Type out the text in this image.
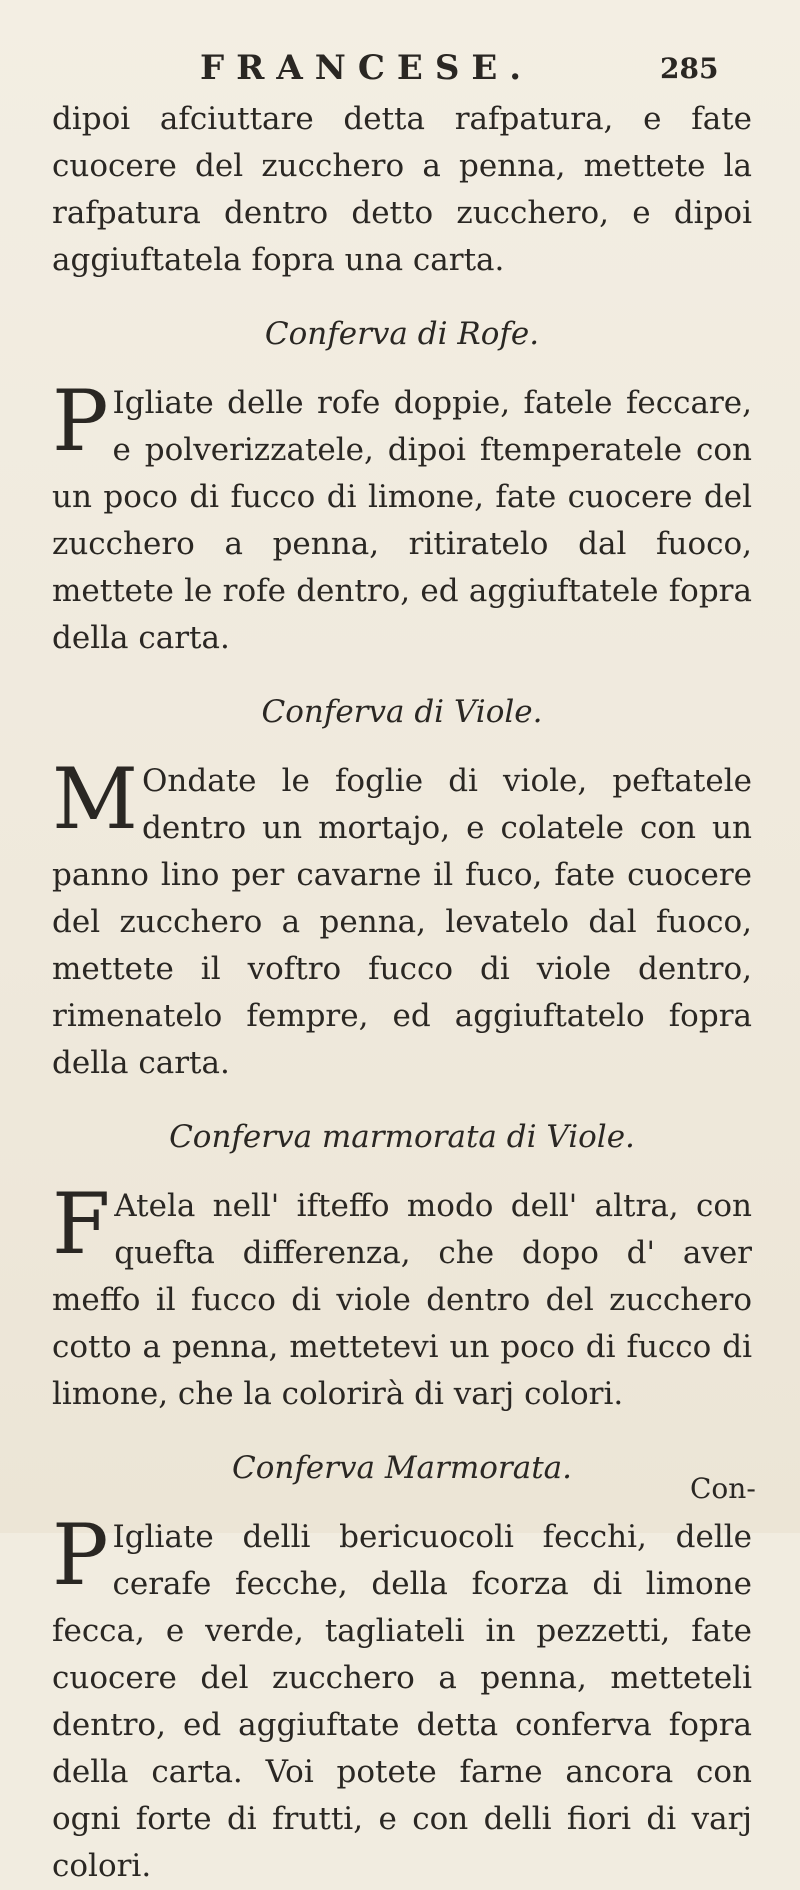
FRANCESE.	285

dipoi afciuttare detta rafpatura, e fate cuocere del zucchero a penna, mettete la rafpatura dentro detto zucchero, e dipoi aggiuftatela fopra una carta.

Conferva di Rofe.

P Igliate delle rofe doppie, fatele feccare, e polverizzatele, dipoi ftemperatele con un poco di fucco di limone, fate cuocere del zucchero a penna, ritiratelo dal fuoco, mettete le rofe dentro, ed aggiuftatele fopra della carta.

Conferva di Viole.

M Ondate le foglie di viole, peftatele dentro un mortajo, e colatele con un panno lino per cavarne il fuco, fate cuocere del zucchero a penna, levatelo dal fuoco, mettete il voftro fucco di viole dentro, rimenatelo fempre, ed aggiuftatelo fopra della carta.

Conferva marmorata di Viole.

F Atela nell' ifteffo modo dell' altra, con quefta differenza, che dopo d' aver meffo il fucco di viole dentro del zucchero cotto a penna, mettetevi un poco di fucco di limone, che la colorirà di varj colori.

Conferva Marmorata.

P Igliate delli bericuocoli fecchi, delle cerafe fecche, della fcorza di limone fecca, e verde, tagliateli in pezzetti, fate cuocere del zucchero a penna, metteteli dentro, ed aggiuftate detta conferva fopra della carta. Voi potete farne ancora con ogni forte di frutti, e con delli fiori di varj colori.

Con-
